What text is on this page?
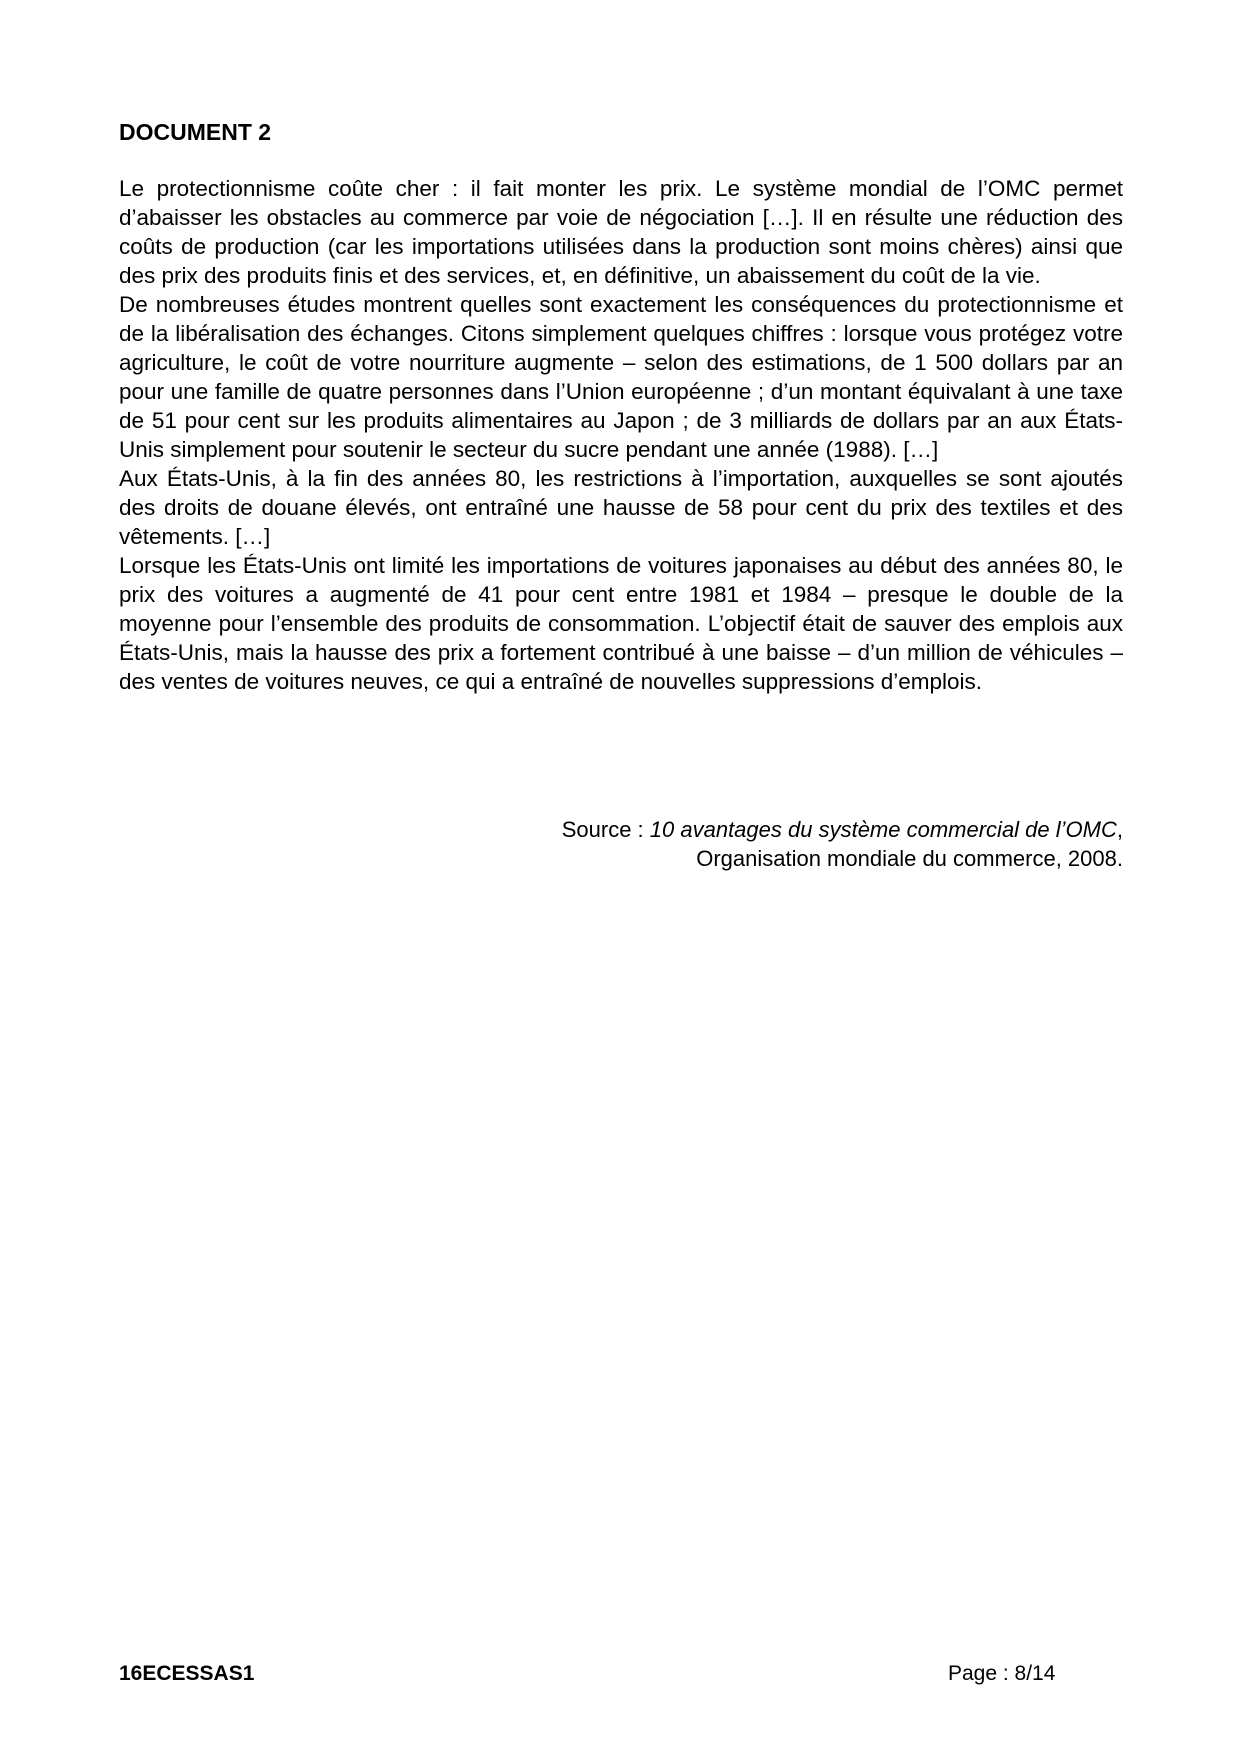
DOCUMENT 2

Le protectionnisme coûte cher : il fait monter les prix. Le système mondial de l’OMC permet d’abaisser les obstacles au commerce par voie de négociation […]. Il en résulte une réduction des coûts de production (car les importations utilisées dans la production sont moins chères) ainsi que des prix des produits finis et des services, et, en définitive, un abaissement du coût de la vie.

De nombreuses études montrent quelles sont exactement les conséquences du protectionnisme et de la libéralisation des échanges. Citons simplement quelques chiffres : lorsque vous protégez votre agriculture, le coût de votre nourriture augmente – selon des estimations, de 1 500 dollars par an pour une famille de quatre personnes dans l’Union européenne ; d’un montant équivalant à une taxe de 51 pour cent sur les produits alimentaires au Japon ; de 3 milliards de dollars par an aux États-Unis simplement pour soutenir le secteur du sucre pendant une année (1988). […]

Aux États-Unis, à la fin des années 80, les restrictions à l’importation, auxquelles se sont ajoutés des droits de douane élevés, ont entraîné une hausse de 58 pour cent du prix des textiles et des vêtements. […]

Lorsque les États-Unis ont limité les importations de voitures japonaises au début des années 80, le prix des voitures a augmenté de 41 pour cent entre 1981 et 1984 – presque le double de la moyenne pour l’ensemble des produits de consommation. L’objectif était de sauver des emplois aux États-Unis, mais la hausse des prix a fortement contribué à une baisse – d’un million de véhicules – des ventes de voitures neuves, ce qui a entraîné de nouvelles suppressions d’emplois.

Source : 10 avantages du système commercial de l’OMC,
Organisation mondiale du commerce, 2008.
16ECESSAS1	Page : 8/14
